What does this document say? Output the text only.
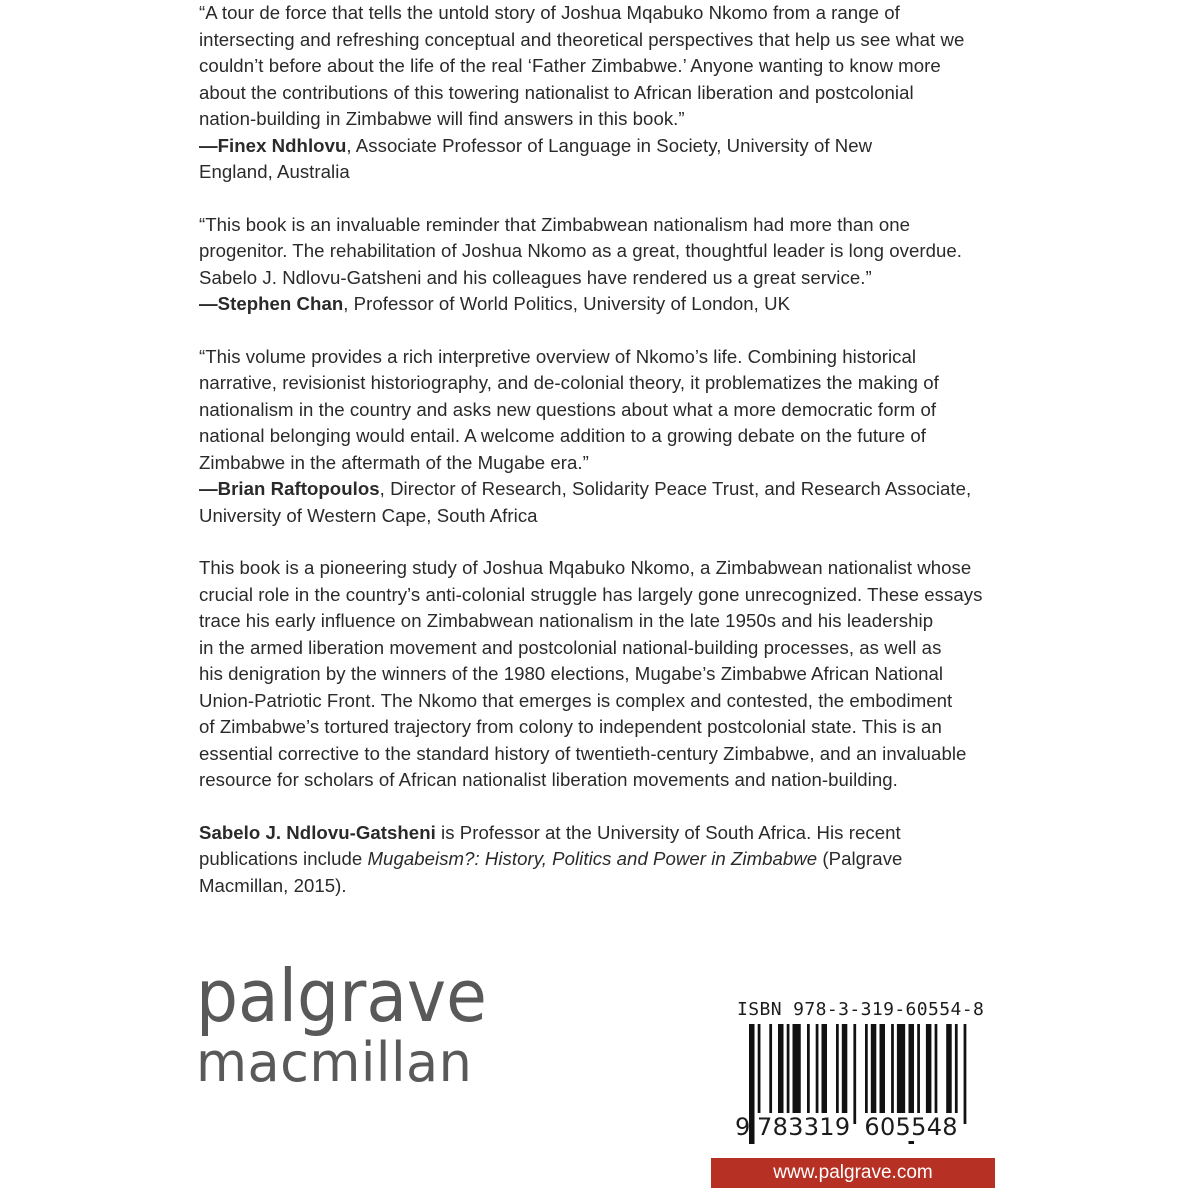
“A tour de force that tells the untold story of Joshua Mqabuko Nkomo from a range of
intersecting and refreshing conceptual and theoretical perspectives that help us see what we
couldn’t before about the life of the real ‘Father Zimbabwe.’ Anyone wanting to know more
about the contributions of this towering nationalist to African liberation and postcolonial
nation-building in Zimbabwe will find answers in this book.”
—Finex Ndhlovu, Associate Professor of Language in Society, University of New
England, Australia
“This book is an invaluable reminder that Zimbabwean nationalism had more than one
progenitor. The rehabilitation of Joshua Nkomo as a great, thoughtful leader is long overdue.
Sabelo J. Ndlovu-Gatsheni and his colleagues have rendered us a great service.”
—Stephen Chan, Professor of World Politics, University of London, UK
“This volume provides a rich interpretive overview of Nkomo’s life. Combining historical
narrative, revisionist historiography, and de-colonial theory, it problematizes the making of
nationalism in the country and asks new questions about what a more democratic form of
national belonging would entail. A welcome addition to a growing debate on the future of
Zimbabwe in the aftermath of the Mugabe era.”
—Brian Raftopoulos, Director of Research, Solidarity Peace Trust, and Research Associate,
University of Western Cape, South Africa
This book is a pioneering study of Joshua Mqabuko Nkomo, a Zimbabwean nationalist whose
crucial role in the country’s anti-colonial struggle has largely gone unrecognized. These essays
trace his early influence on Zimbabwean nationalism in the late 1950s and his leadership
in the armed liberation movement and postcolonial national-building processes, as well as
his denigration by the winners of the 1980 elections, Mugabe’s Zimbabwe African National
Union-Patriotic Front. The Nkomo that emerges is complex and contested, the embodiment
of Zimbabwe’s tortured trajectory from colony to independent postcolonial state. This is an
essential corrective to the standard history of twentieth-century Zimbabwe, and an invaluable
resource for scholars of African nationalist liberation movements and nation-building.
Sabelo J. Ndlovu-Gatsheni is Professor at the University of South Africa. His recent
publications include Mugabeism?: History, Politics and Power in Zimbabwe (Palgrave
Macmillan, 2015).
palgrave
macmillan
ISBN 978-3-319-60554-8
9 783319 605548
www.palgrave.com
